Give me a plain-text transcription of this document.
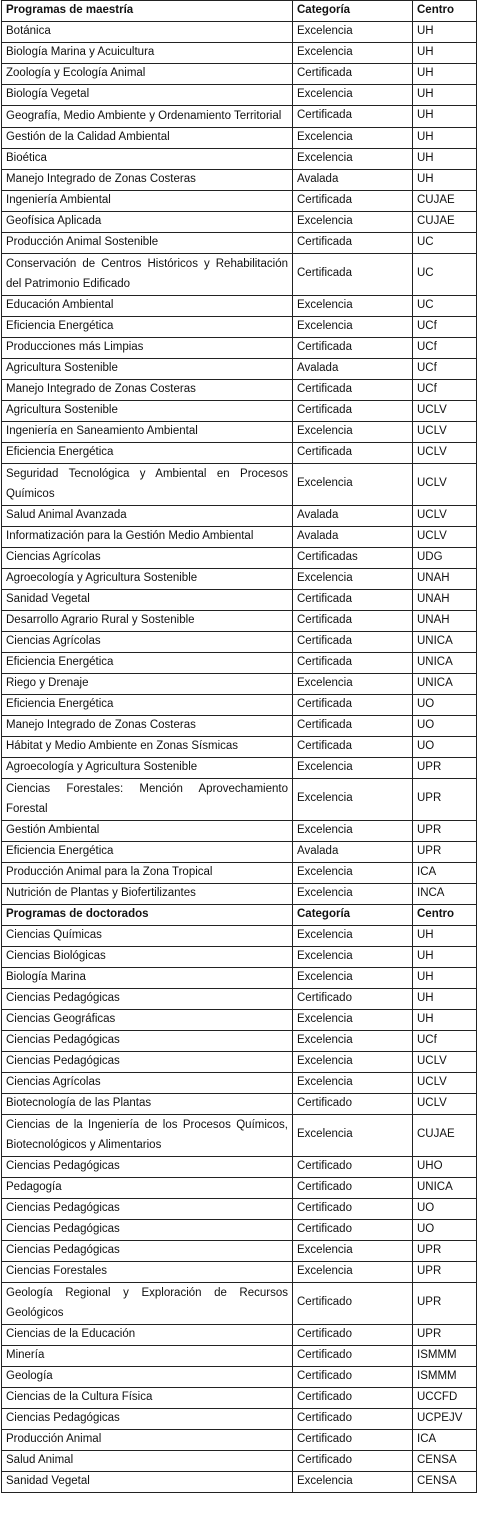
Programas de maestría	Categoría	Centro
Botánica	Excelencia	UH
Biología Marina y Acuicultura	Excelencia	UH
Zoología y Ecología Animal	Certificada	UH
Biología Vegetal	Excelencia	UH
Geografía, Medio Ambiente y Ordenamiento Territorial	Certificada	UH
Gestión de la Calidad Ambiental	Excelencia	UH
Bioética	Excelencia	UH
Manejo Integrado de Zonas Costeras	Avalada	UH
Ingeniería Ambiental	Certificada	CUJAE
Geofísica Aplicada	Excelencia	CUJAE
Producción Animal Sostenible	Certificada	UC
Conservación de Centros Históricos y Rehabilitación del Patrimonio Edificado	Certificada	UC
Educación Ambiental	Excelencia	UC
Eficiencia Energética	Excelencia	UCf
Producciones más Limpias	Certificada	UCf
Agricultura Sostenible	Avalada	UCf
Manejo Integrado de Zonas Costeras	Certificada	UCf
Agricultura Sostenible	Certificada	UCLV
Ingeniería en Saneamiento Ambiental	Excelencia	UCLV
Eficiencia Energética	Certificada	UCLV
Seguridad Tecnológica y Ambiental en Procesos Químicos	Excelencia	UCLV
Salud Animal Avanzada	Avalada	UCLV
Informatización para la Gestión Medio Ambiental	Avalada	UCLV
Ciencias Agrícolas	Certificadas	UDG
Agroecología y Agricultura Sostenible	Excelencia	UNAH
Sanidad Vegetal	Certificada	UNAH
Desarrollo Agrario Rural y Sostenible	Certificada	UNAH
Ciencias Agrícolas	Certificada	UNICA
Eficiencia Energética	Certificada	UNICA
Riego y Drenaje	Excelencia	UNICA
Eficiencia Energética	Certificada	UO
Manejo Integrado de Zonas Costeras	Certificada	UO
Hábitat y Medio Ambiente en Zonas Sísmicas	Certificada	UO
Agroecología y Agricultura Sostenible	Excelencia	UPR
Ciencias Forestales: Mención Aprovechamiento Forestal	Excelencia	UPR
Gestión Ambiental	Excelencia	UPR
Eficiencia Energética	Avalada	UPR
Producción Animal para la Zona Tropical	Excelencia	ICA
Nutrición de Plantas y Biofertilizantes	Excelencia	INCA
Programas de doctorados	Categoría	Centro
Ciencias Químicas	Excelencia	UH
Ciencias Biológicas	Excelencia	UH
Biología Marina	Excelencia	UH
Ciencias Pedagógicas	Certificado	UH
Ciencias Geográficas	Excelencia	UH
Ciencias Pedagógicas	Excelencia	UCf
Ciencias Pedagógicas	Excelencia	UCLV
Ciencias Agrícolas	Excelencia	UCLV
Biotecnología de las Plantas	Certificado	UCLV
Ciencias de la Ingeniería de los Procesos Químicos, Biotecnológicos y Alimentarios	Excelencia	CUJAE
Ciencias Pedagógicas	Certificado	UHO
Pedagogía	Certificado	UNICA
Ciencias Pedagógicas	Certificado	UO
Ciencias Pedagógicas	Certificado	UO
Ciencias Pedagógicas	Excelencia	UPR
Ciencias Forestales	Excelencia	UPR
Geología Regional y Exploración de Recursos Geológicos	Certificado	UPR
Ciencias de la Educación	Certificado	UPR
Minería	Certificado	ISMMM
Geología	Certificado	ISMMM
Ciencias de la Cultura Física	Certificado	UCCFD
Ciencias Pedagógicas	Certificado	UCPEJV
Producción Animal	Certificado	ICA
Salud Animal	Certificado	CENSA
Sanidad Vegetal	Excelencia	CENSA
